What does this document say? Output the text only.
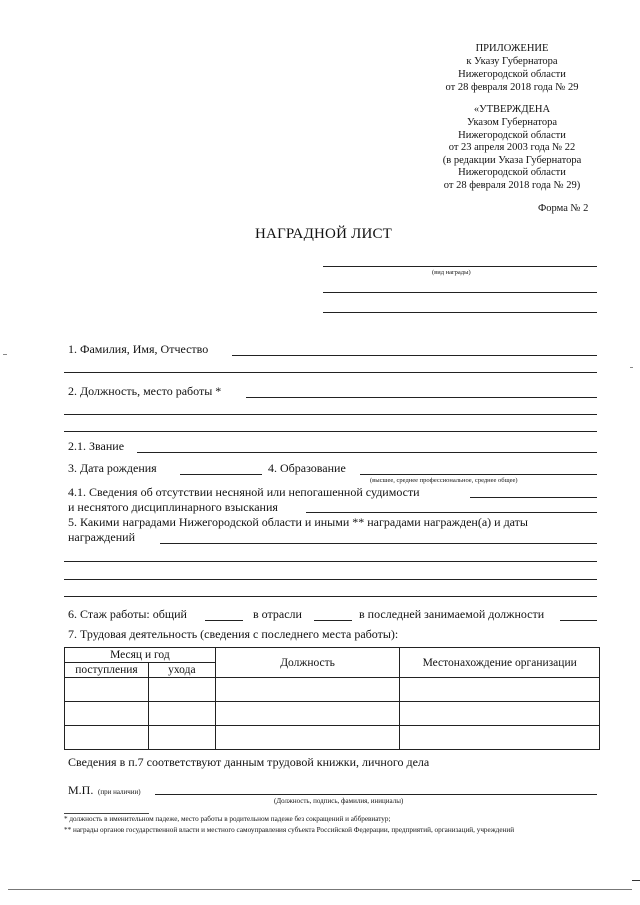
ПРИЛОЖЕНИЕ
к Указу Губернатора
Нижегородской области
от 28 февраля 2018 года № 29
«УТВЕРЖДЕНА
Указом Губернатора
Нижегородской области
от 23 апреля 2003 года № 22
(в редакции Указа Губернатора
Нижегородской области
от 28 февраля 2018 года № 29)
Форма № 2
НАГРАДНОЙ ЛИСТ
(вид награды)
1. Фамилия, Имя, Отчество
2. Должность, место работы *
2.1. Звание
3. Дата рождения	4. Образование
(высшее, среднее профессиональное, среднее общее)
4.1. Сведения об отсутствии несняной или непогашенной судимости
и неснятого дисциплинарного взыскания
5. Какими наградами Нижегородской области и иными ** наградами награжден(а) и даты
награждений
6. Стаж работы: общий	в отрасли	в последней занимаемой должности
7. Трудовая деятельность (сведения с последнего места работы):
Месяц и год		Должность	Местонахождение организации
поступления	ухода		

Сведения в п.7 соответствуют данным трудовой книжки, личного дела
М.П. (при наличии)
(Должность, подпись, фамилия, инициалы)
* должность в именительном падеже, место работы в родительном падеже без сокращений и аббревиатур;
** награды органов государственной власти и местного самоуправления субъекта Российской Федерации, предприятий, организаций, учреждений
